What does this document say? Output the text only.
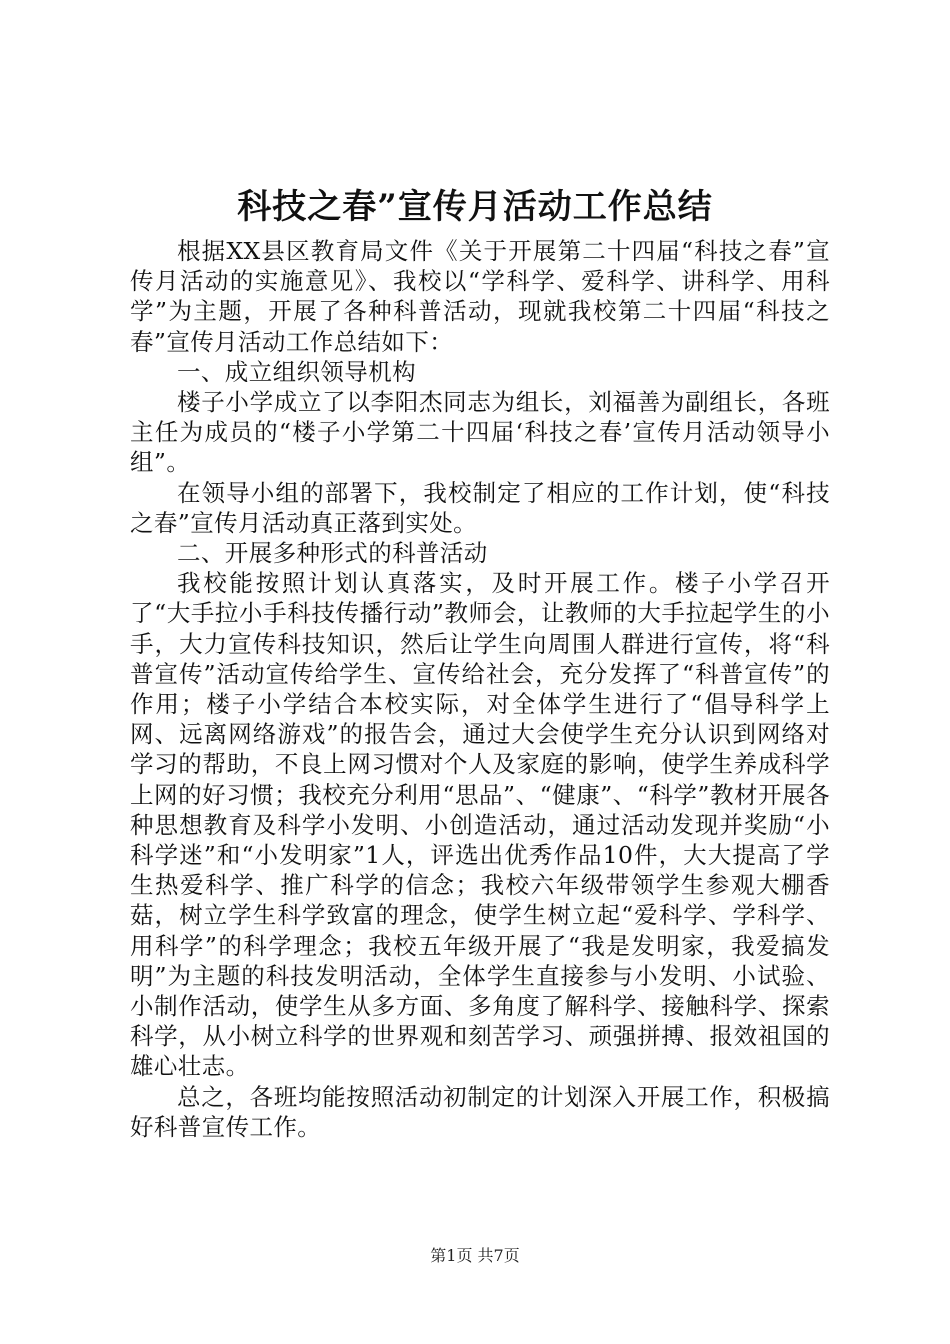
科技之春”宣传月活动工作总结

根据XX县区教育局文件《关于开展第二十四届“科技之春”宣传月活动的实施意见》、我校以“学科学、爱科学、讲科学、用科学”为主题，开展了各种科普活动，现就我校第二十四届“科技之春”宣传月活动工作总结如下：

一、成立组织领导机构

楼子小学成立了以李阳杰同志为组长，刘福善为副组长，各班主任为成员的“楼子小学第二十四届‘科技之春’宣传月活动领导小组”。

在领导小组的部署下，我校制定了相应的工作计划，使“科技之春”宣传月活动真正落到实处。

二、开展多种形式的科普活动

我校能按照计划认真落实，及时开展工作。楼子小学召开了“大手拉小手科技传播行动”教师会，让教师的大手拉起学生的小手，大力宣传科技知识，然后让学生向周围人群进行宣传，将“科普宣传”活动宣传给学生、宣传给社会，充分发挥了“科普宣传”的作用；楼子小学结合本校实际，对全体学生进行了“倡导科学上网、远离网络游戏”的报告会，通过大会使学生充分认识到网络对学习的帮助，不良上网习惯对个人及家庭的影响，使学生养成科学上网的好习惯；我校充分利用“思品”、“健康”、“科学”教材开展各种思想教育及科学小发明、小创造活动，通过活动发现并奖励“小科学迷”和“小发明家”1人，评选出优秀作品10件，大大提高了学生热爱科学、推广科学的信念；我校六年级带领学生参观大棚香菇，树立学生科学致富的理念，使学生树立起“爱科学、学科学、用科学”的科学理念；我校五年级开展了“我是发明家，我爱搞发明”为主题的科技发明活动，全体学生直接参与小发明、小试验、小制作活动，使学生从多方面、多角度了解科学、接触科学、探索科学，从小树立科学的世界观和刻苦学习、顽强拼搏、报效祖国的雄心壮志。

总之，各班均能按照活动初制定的计划深入开展工作，积极搞好科普宣传工作。

第1页 共7页
